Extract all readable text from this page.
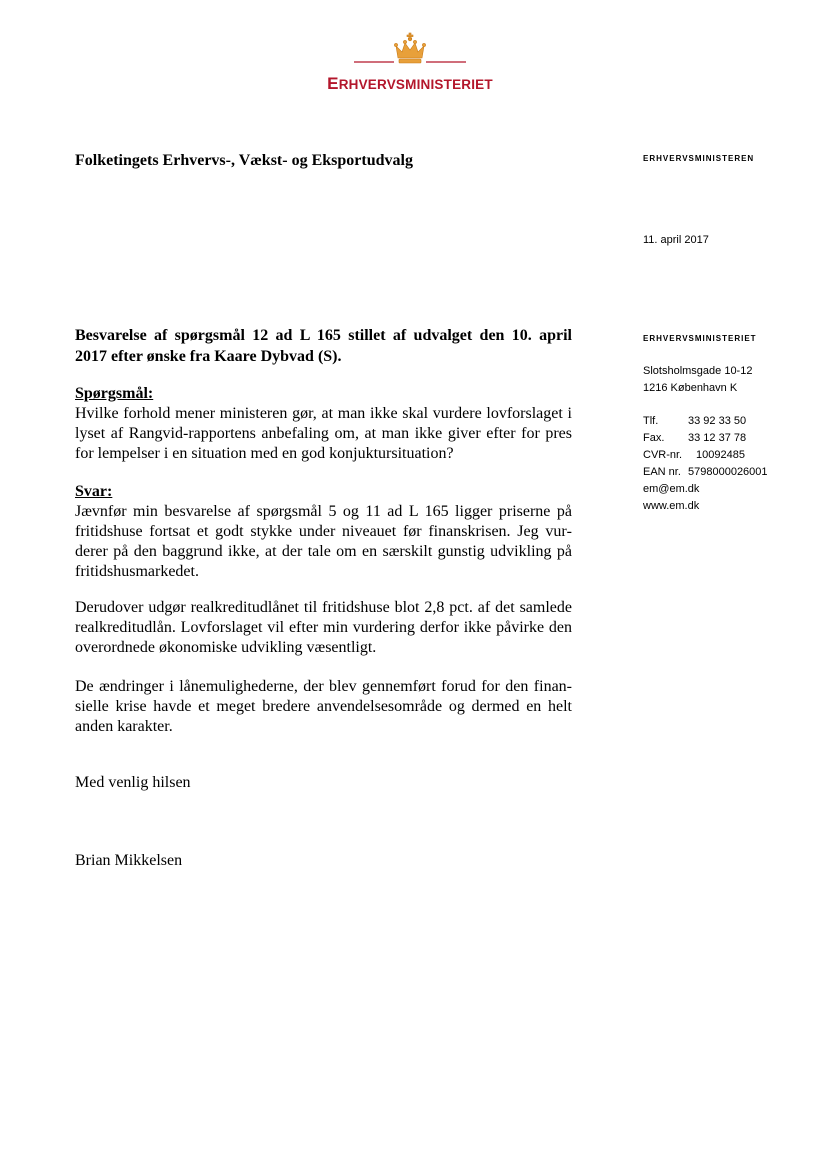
ERHVERVSMINISTERIET
Folketingets Erhvervs-, Vækst- og Eksportudvalg	ERHVERVSMINISTEREN
11. april 2017
ERHVERVSMINISTERIET
Slotsholmsgade 10-12
1216 København K
Tlf.	33 92 33 50
Fax. 33 12 37 78
CVR-nr. 10092485
EAN nr. 5798000026001
em@em.dk
www.em.dk

Besvarelse af spørgsmål 12 ad L 165 stillet af udvalget den 10. april

2017 efter ønske fra Kaare Dybvad (S).

Spørgsmål:

Hvilke forhold mener ministeren gør, at man ikke skal vurdere lovforslaget i lyset af Rangvid-rapportens anbefaling om, at man ikke giver efter for pres for lempelser i en situation med en god konjuktursituation?

Svar:

Jævnfør min besvarelse af spørgsmål 5 og 11 ad L 165 ligger priserne på fritidshuse fortsat et godt stykke under niveauet før finanskrisen. Jeg vurderer på den baggrund ikke, at der tale om en særskilt gunstig udvikling på fritidshusmarkedet.

Derudover udgør realkreditudlånet til fritidshuse blot 2,8 pct. af det samlede realkreditudlån. Lovforslaget vil efter min vurdering derfor ikke påvirke den overordnede økonomiske udvikling væsentligt.
De ændringer i lånemulighederne, der blev gennemført forud for den finansielle krise havde et meget bredere anvendelsesområde og dermed en helt anden karakter.
Med venlig hilsen
Brian Mikkelsen
